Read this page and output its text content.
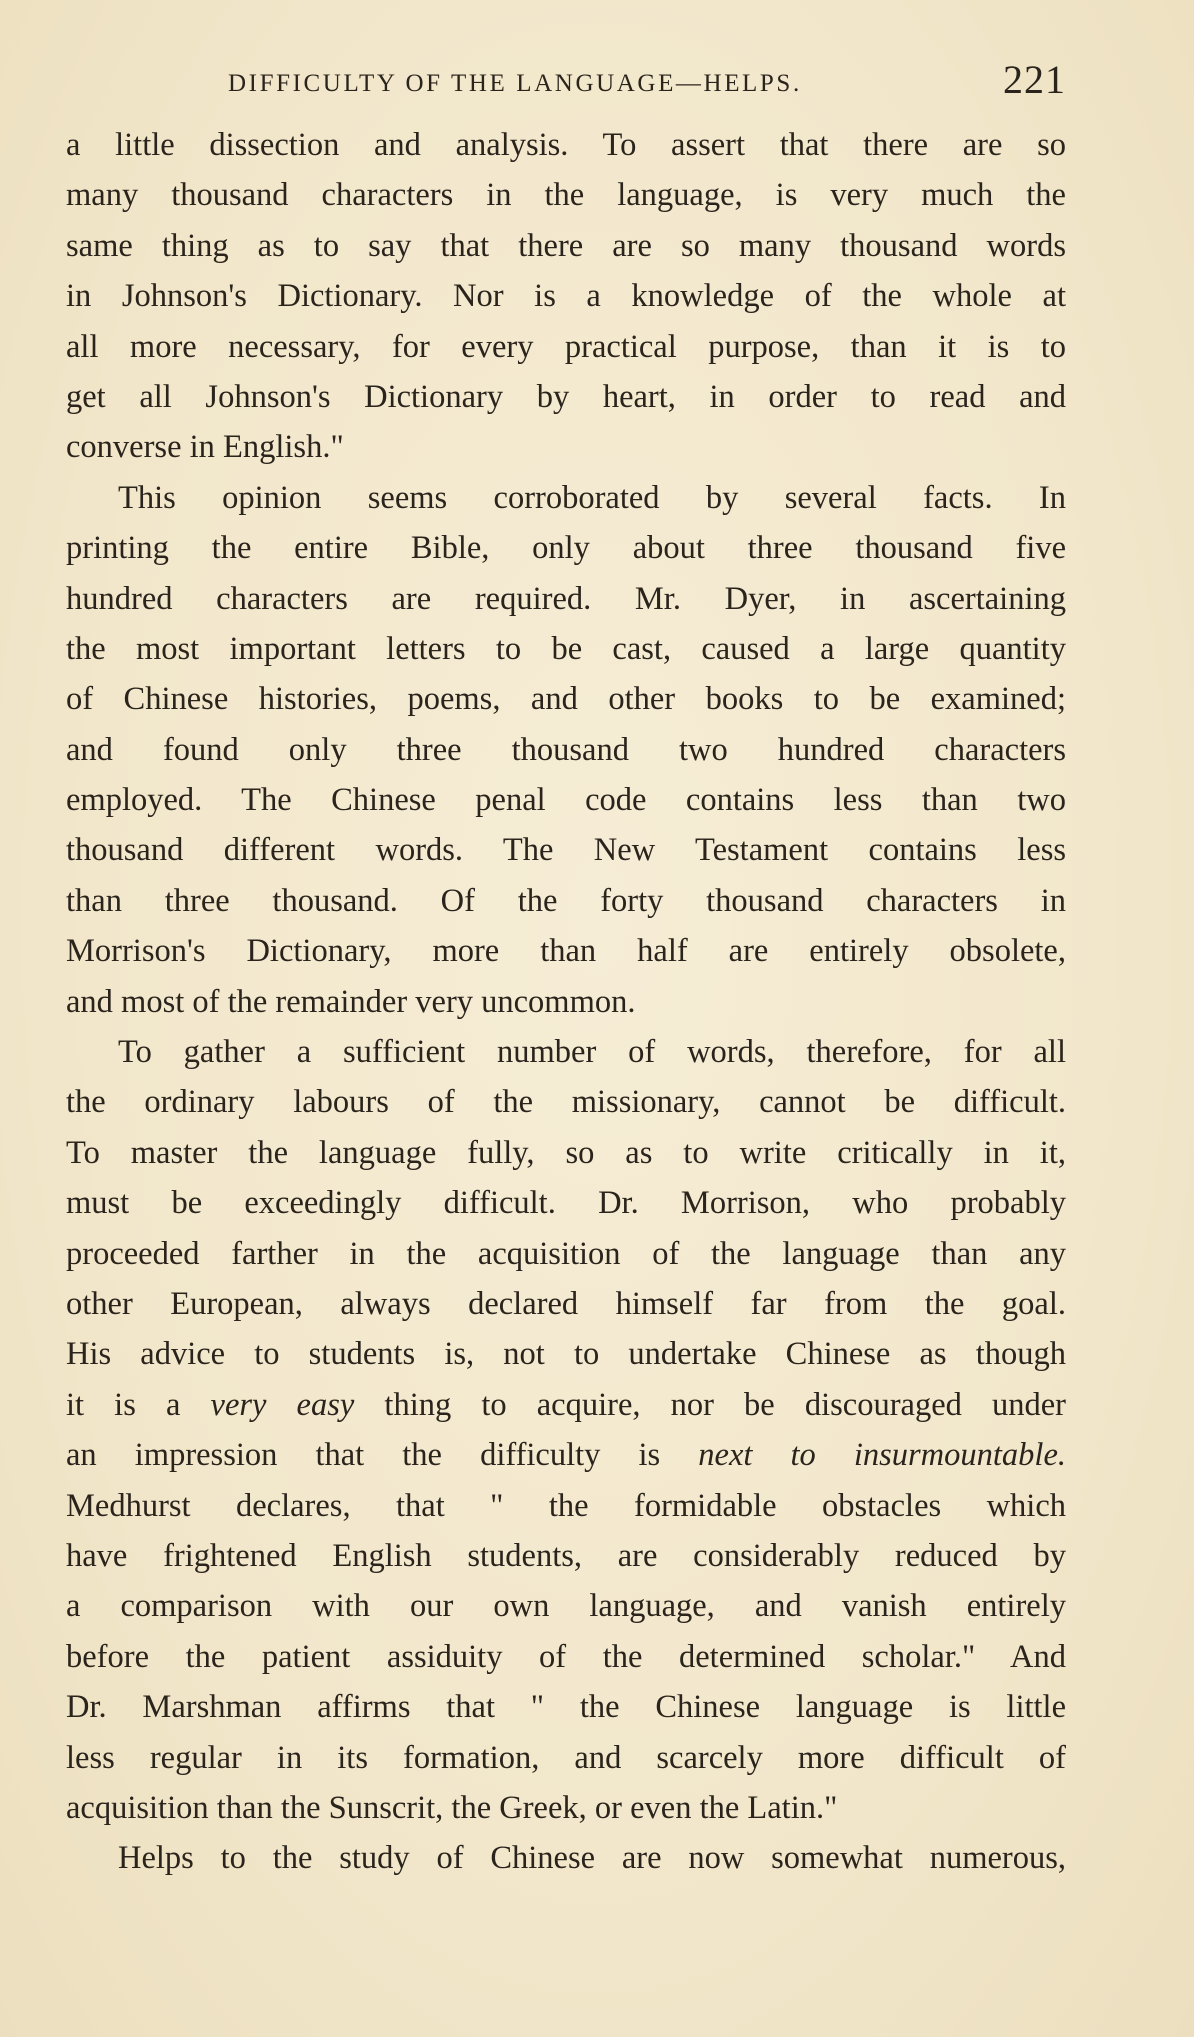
DIFFICULTY OF THE LANGUAGE—HELPS.	221
a little dissection and analysis. To assert that there are so
many thousand characters in the language, is very much the
same thing as to say that there are so many thousand words
in Johnson's Dictionary. Nor is a knowledge of the whole at
all more necessary, for every practical purpose, than it is to
get all Johnson's Dictionary by heart, in order to read and
converse in English."
This opinion seems corroborated by several facts. In
printing the entire Bible, only about three thousand five
hundred characters are required. Mr. Dyer, in ascertaining
the most important letters to be cast, caused a large quantity
of Chinese histories, poems, and other books to be examined;
and found only three thousand two hundred characters
employed. The Chinese penal code contains less than two
thousand different words. The New Testament contains less
than three thousand. Of the forty thousand characters in
Morrison's Dictionary, more than half are entirely obsolete,
and most of the remainder very uncommon.
To gather a sufficient number of words, therefore, for all
the ordinary labours of the missionary, cannot be difficult.
To master the language fully, so as to write critically in it,
must be exceedingly difficult. Dr. Morrison, who probably
proceeded farther in the acquisition of the language than any
other European, always declared himself far from the goal.
His advice to students is, not to undertake Chinese as though
it is a very easy thing to acquire, nor be discouraged under
an impression that the difficulty is next to insurmountable.
Medhurst declares, that " the formidable obstacles which
have frightened English students, are considerably reduced by
a comparison with our own language, and vanish entirely
before the patient assiduity of the determined scholar." And
Dr. Marshman affirms that " the Chinese language is little
less regular in its formation, and scarcely more difficult of
acquisition than the Sunscrit, the Greek, or even the Latin."
Helps to the study of Chinese are now somewhat numerous,
